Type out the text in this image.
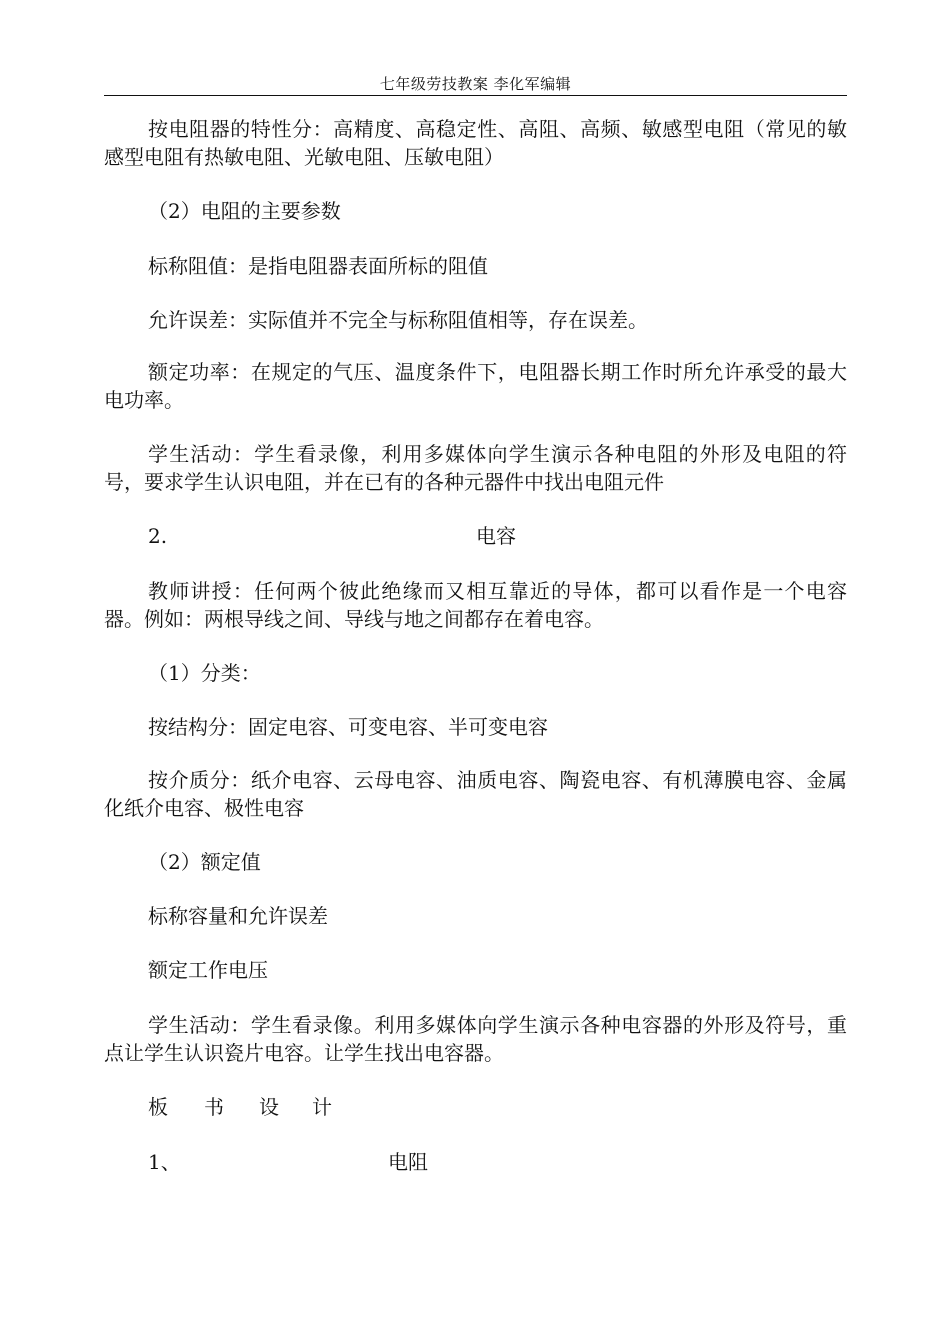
七年级劳技教案 李化军编辑

按电阻器的特性分：高精度、高稳定性、高阻、高频、敏感型电阻（常见的敏感型电阻有热敏电阻、光敏电阻、压敏电阻）

（2）电阻的主要参数

标称阻值：是指电阻器表面所标的阻值

允许误差：实际值并不完全与标称阻值相等，存在误差。

额定功率：在规定的气压、温度条件下，电阻器长期工作时所允许承受的最大电功率。

学生活动：学生看录像，利用多媒体向学生演示各种电阻的外形及电阻的符号，要求学生认识电阻，并在已有的各种元器件中找出电阻元件

2.	电容

教师讲授：任何两个彼此绝缘而又相互靠近的导体，都可以看作是一个电容器。例如：两根导线之间、导线与地之间都存在着电容。

（1）分类：

按结构分：固定电容、可变电容、半可变电容

按介质分：纸介电容、云母电容、油质电容、陶瓷电容、有机薄膜电容、金属化纸介电容、极性电容

（2）额定值

标称容量和允许误差

额定工作电压

学生活动：学生看录像。利用多媒体向学生演示各种电容器的外形及符号，重点让学生认识瓷片电容。让学生找出电容器。

板 书 设 计
1、	电阻
